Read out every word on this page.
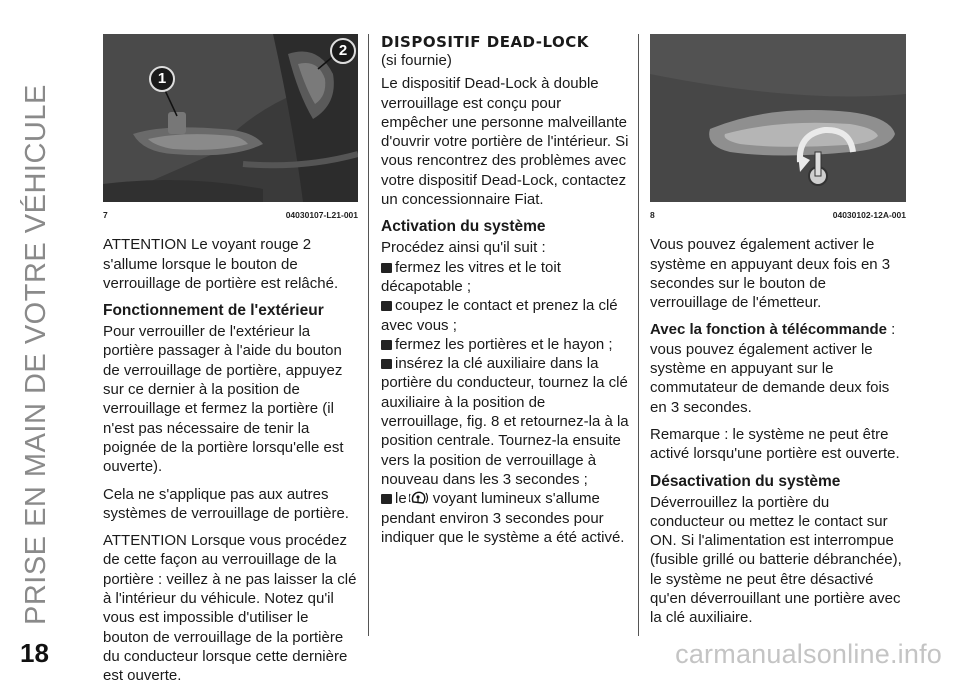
PRISE EN MAIN DE VOTRE VÉHICULE
1
2
7	04030107-L21-001

ATTENTION Le voyant rouge 2 s'allume lorsque le bouton de verrouillage de portière est relâché.

Fonctionnement de l'extérieur

Pour verrouiller de l'extérieur la portière passager à l'aide du bouton de verrouillage de portière, appuyez sur ce dernier à la position de verrouillage et fermez la portière (il n'est pas nécessaire de tenir la poignée de la portière lorsqu'elle est ouverte).

Cela ne s'applique pas aux autres systèmes de verrouillage de portière.

ATTENTION Lorsque vous procédez de cette façon au verrouillage de la portière : veillez à ne pas laisser la clé à l'intérieur du véhicule. Notez qu'il vous est impossible d'utiliser le bouton de verrouillage de la portière du conducteur lorsque cette dernière est ouverte.

DISPOSITIF DEAD-LOCK

(si fournie)

Le dispositif Dead-Lock à double verrouillage est conçu pour empêcher une personne malveillante d'ouvrir votre portière de l'intérieur. Si vous rencontrez des problèmes avec votre dispositif Dead-Lock, contactez un concessionnaire Fiat.

Activation du système
Procédez ainsi qu'il suit :
fermez les vitres et le toit décapotable ;
coupez le contact et prenez la clé avec vous ;
fermez les portières et le hayon ;
insérez la clé auxiliaire dans la portière du conducteur, tournez la clé auxiliaire à la position de verrouillage, fig. 8 et retournez-la à la position centrale. Tournez-la ensuite vers la position de verrouillage à nouveau dans les 3 secondes ;
le voyant lumineux s'allume pendant environ 3 secondes pour indiquer que le système a été activé.
8	04030102-12A-001

Vous pouvez également activer le système en appuyant deux fois en 3 secondes sur le bouton de verrouillage de l'émetteur.

Avec la fonction à télécommande : vous pouvez également activer le système en appuyant sur le commutateur de demande deux fois en 3 secondes.

Remarque : le système ne peut être activé lorsqu'une portière est ouverte.

Désactivation du système

Déverrouillez la portière du conducteur ou mettez le contact sur ON. Si l'alimentation est interrompue (fusible grillé ou batterie débranchée), le système ne peut être désactivé qu'en déverrouillant une portière avec la clé auxiliaire.

18	carmanualsonline.info
